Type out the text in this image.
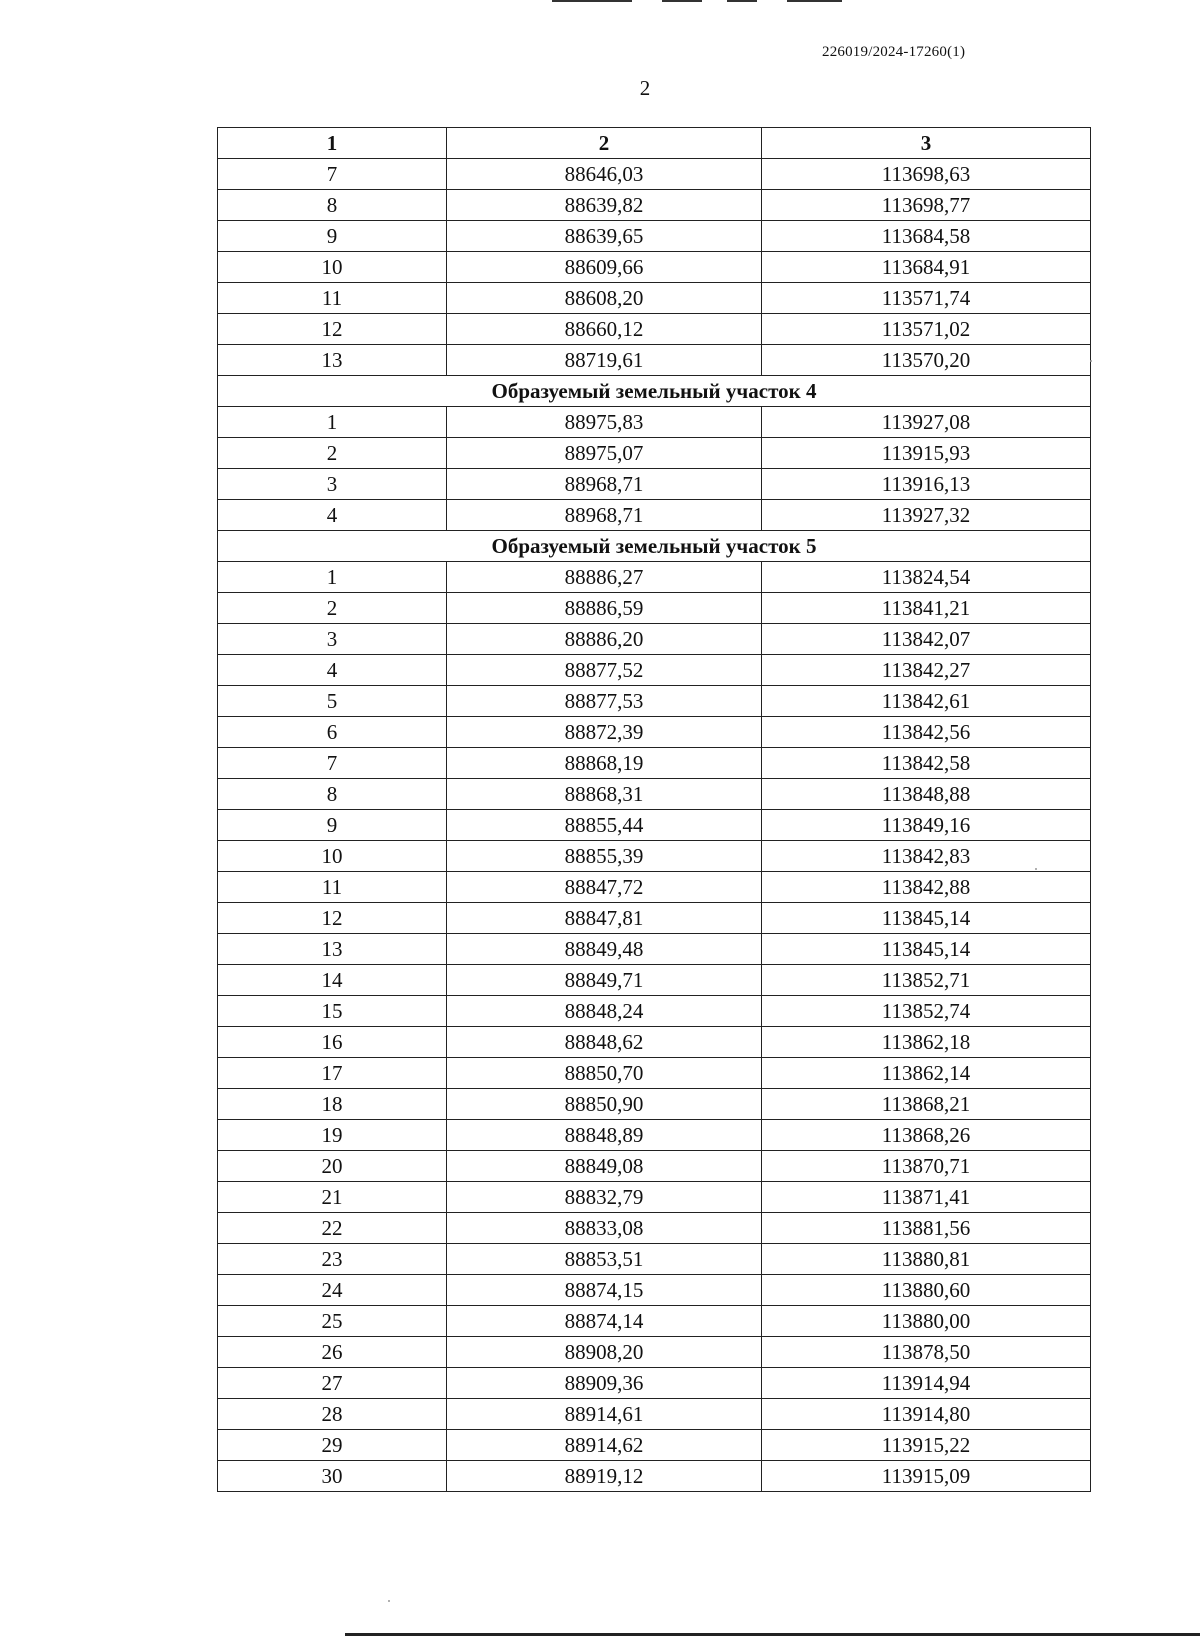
226019/2024-17260(1)
2
1	2	3
7	88646,03	113698,63
8	88639,82	113698,77
9	88639,65	113684,58
10	88609,66	113684,91
11	88608,20	113571,74
12	88660,12	113571,02
13	88719,61	113570,20
Образуемый земельный участок 4		
1	88975,83	113927,08
2	88975,07	113915,93
3	88968,71	113916,13
4	88968,71	113927,32
Образуемый земельный участок 5		
1	88886,27	113824,54
2	88886,59	113841,21
3	88886,20	113842,07
4	88877,52	113842,27
5	88877,53	113842,61
6	88872,39	113842,56
7	88868,19	113842,58
8	88868,31	113848,88
9	88855,44	113849,16
10	88855,39	113842,83
11	88847,72	113842,88
12	88847,81	113845,14
13	88849,48	113845,14
14	88849,71	113852,71
15	88848,24	113852,74
16	88848,62	113862,18
17	88850,70	113862,14
18	88850,90	113868,21
19	88848,89	113868,26
20	88849,08	113870,71
21	88832,79	113871,41
22	88833,08	113881,56
23	88853,51	113880,81
24	88874,15	113880,60
25	88874,14	113880,00
26	88908,20	113878,50
27	88909,36	113914,94
28	88914,61	113914,80
29	88914,62	113915,22
30	88919,12	113915,09
